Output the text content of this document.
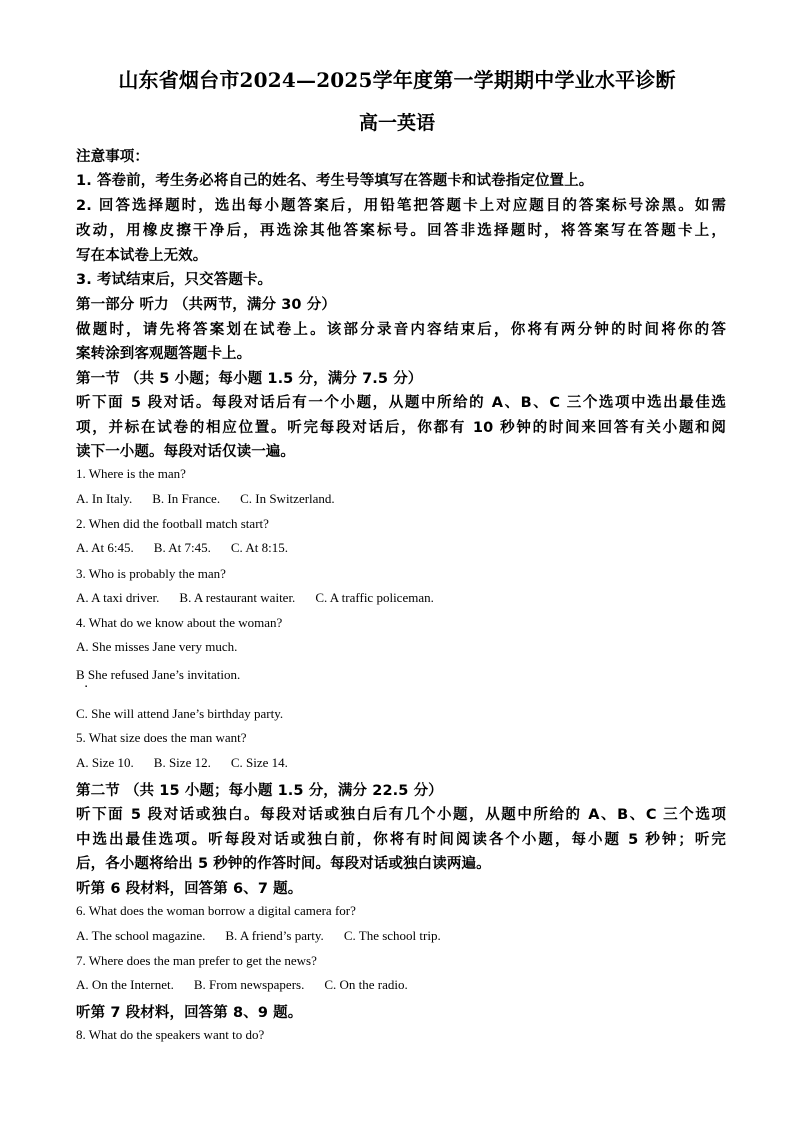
山东省烟台市2024—2025学年度第一学期期中学业水平诊断
高一英语
注意事项：
1. 答卷前，考生务必将自己的姓名、考生号等填写在答题卡和试卷指定位置上。
2. 回答选择题时，选出每小题答案后，用铅笔把答题卡上对应题目的答案标号涂黑。如需
改动，用橡皮擦干净后，再选涂其他答案标号。回答非选择题时，将答案写在答题卡上，
写在本试卷上无效。
3. 考试结束后，只交答题卡。
第一部分 听力 （共两节，满分 30 分）
做题时，请先将答案划在试卷上。该部分录音内容结束后，你将有两分钟的时间将你的答
案转涂到客观题答题卡上。
第一节 （共 5 小题；每小题 1.5 分，满分 7.5 分）
听下面 5 段对话。每段对话后有一个小题，从题中所给的 A、B、C 三个选项中选出最佳选
项，并标在试卷的相应位置。听完每段对话后，你都有 10 秒钟的时间来回答有关小题和阅
读下一小题。每段对话仅读一遍。
1. Where is the man?
A. In Italy. B. In France. C. In Switzerland.
2. When did the football match start?
A. At 6:45. B. At 7:45. C. At 8:15.
3. Who is probably the man?
A. A taxi driver. B. A restaurant waiter. C. A traffic policeman.
4. What do we know about the woman?
A. She misses Jane very much.
B She refused Jane’s invitation.
▪
C. She will attend Jane’s birthday party.
5. What size does the man want?
A. Size 10. B. Size 12. C. Size 14.
第二节 （共 15 小题；每小题 1.5 分，满分 22.5 分）
听下面 5 段对话或独白。每段对话或独白后有几个小题，从题中所给的 A、B、C 三个选项
中选出最佳选项。听每段对话或独白前，你将有时间阅读各个小题，每小题 5 秒钟；听完
后，各小题将给出 5 秒钟的作答时间。每段对话或独白读两遍。
听第 6 段材料，回答第 6、7 题。
6. What does the woman borrow a digital camera for?
A. The school magazine. B. A friend’s party. C. The school trip.
7. Where does the man prefer to get the news?
A. On the Internet. B. From newspapers. C. On the radio.
听第 7 段材料，回答第 8、9 题。
8. What do the speakers want to do?
